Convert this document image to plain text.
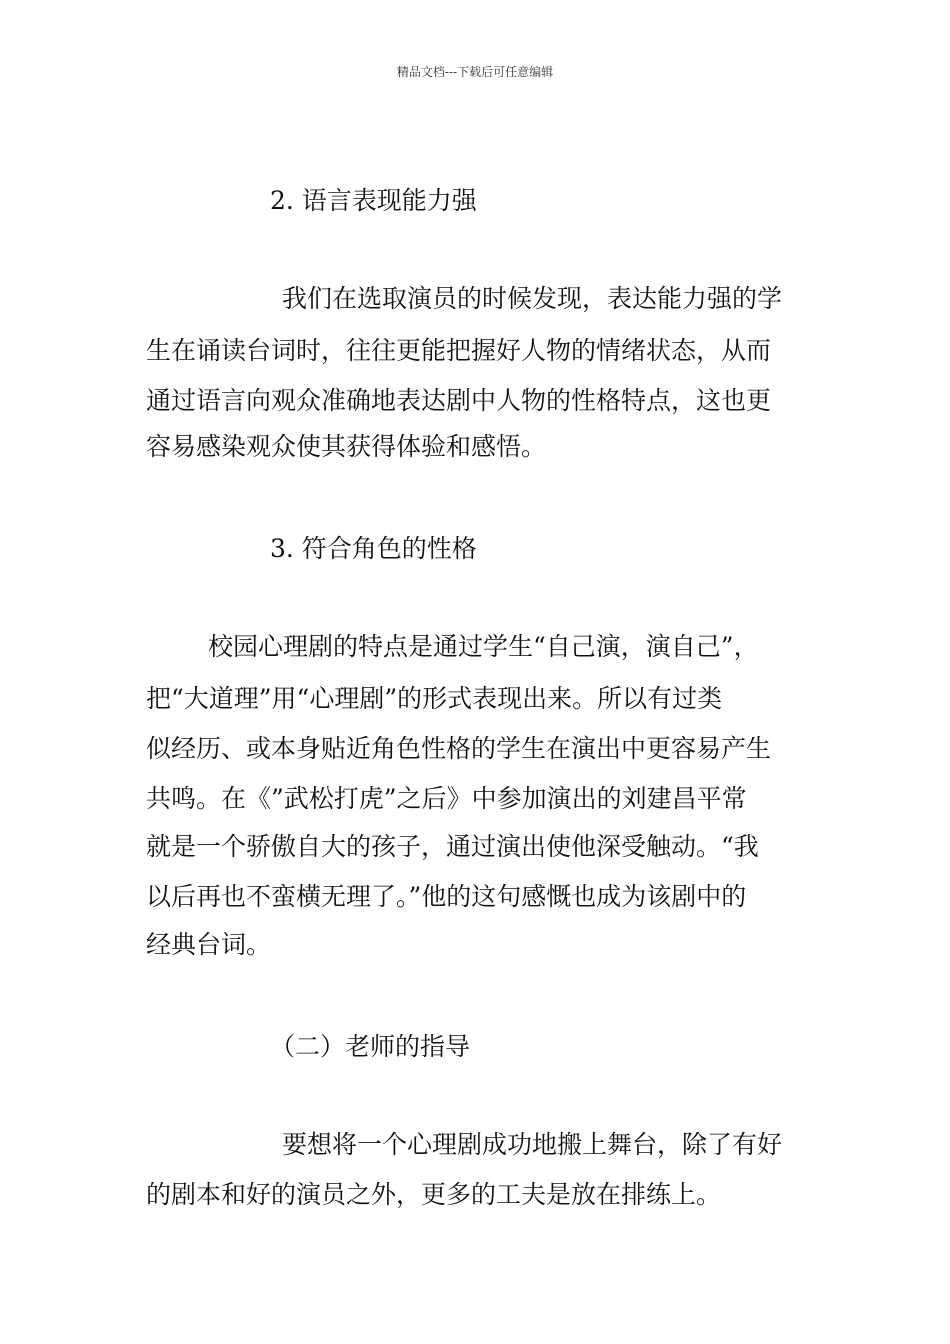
精品文档---下载后可任意编辑
2. 语言表现能力强
我们在选取演员的时候发现，表达能力强的学
生在诵读台词时，往往更能把握好人物的情绪状态，从而
通过语言向观众准确地表达剧中人物的性格特点，这也更
容易感染观众使其获得体验和感悟。
3. 符合角色的性格
校园心理剧的特点是通过学生“自己演，演自己”，
把“大道理”用“心理剧”的形式表现出来。所以有过类
似经历、或本身贴近角色性格的学生在演出中更容易产生
共鸣。在《”武松打虎”之后》中参加演出的刘建昌平常
就是一个骄傲自大的孩子，通过演出使他深受触动。“我
以后再也不蛮横无理了。”他的这句感慨也成为该剧中的
经典台词。
（二）老师的指导
要想将一个心理剧成功地搬上舞台，除了有好
的剧本和好的演员之外，更多的工夫是放在排练上。
